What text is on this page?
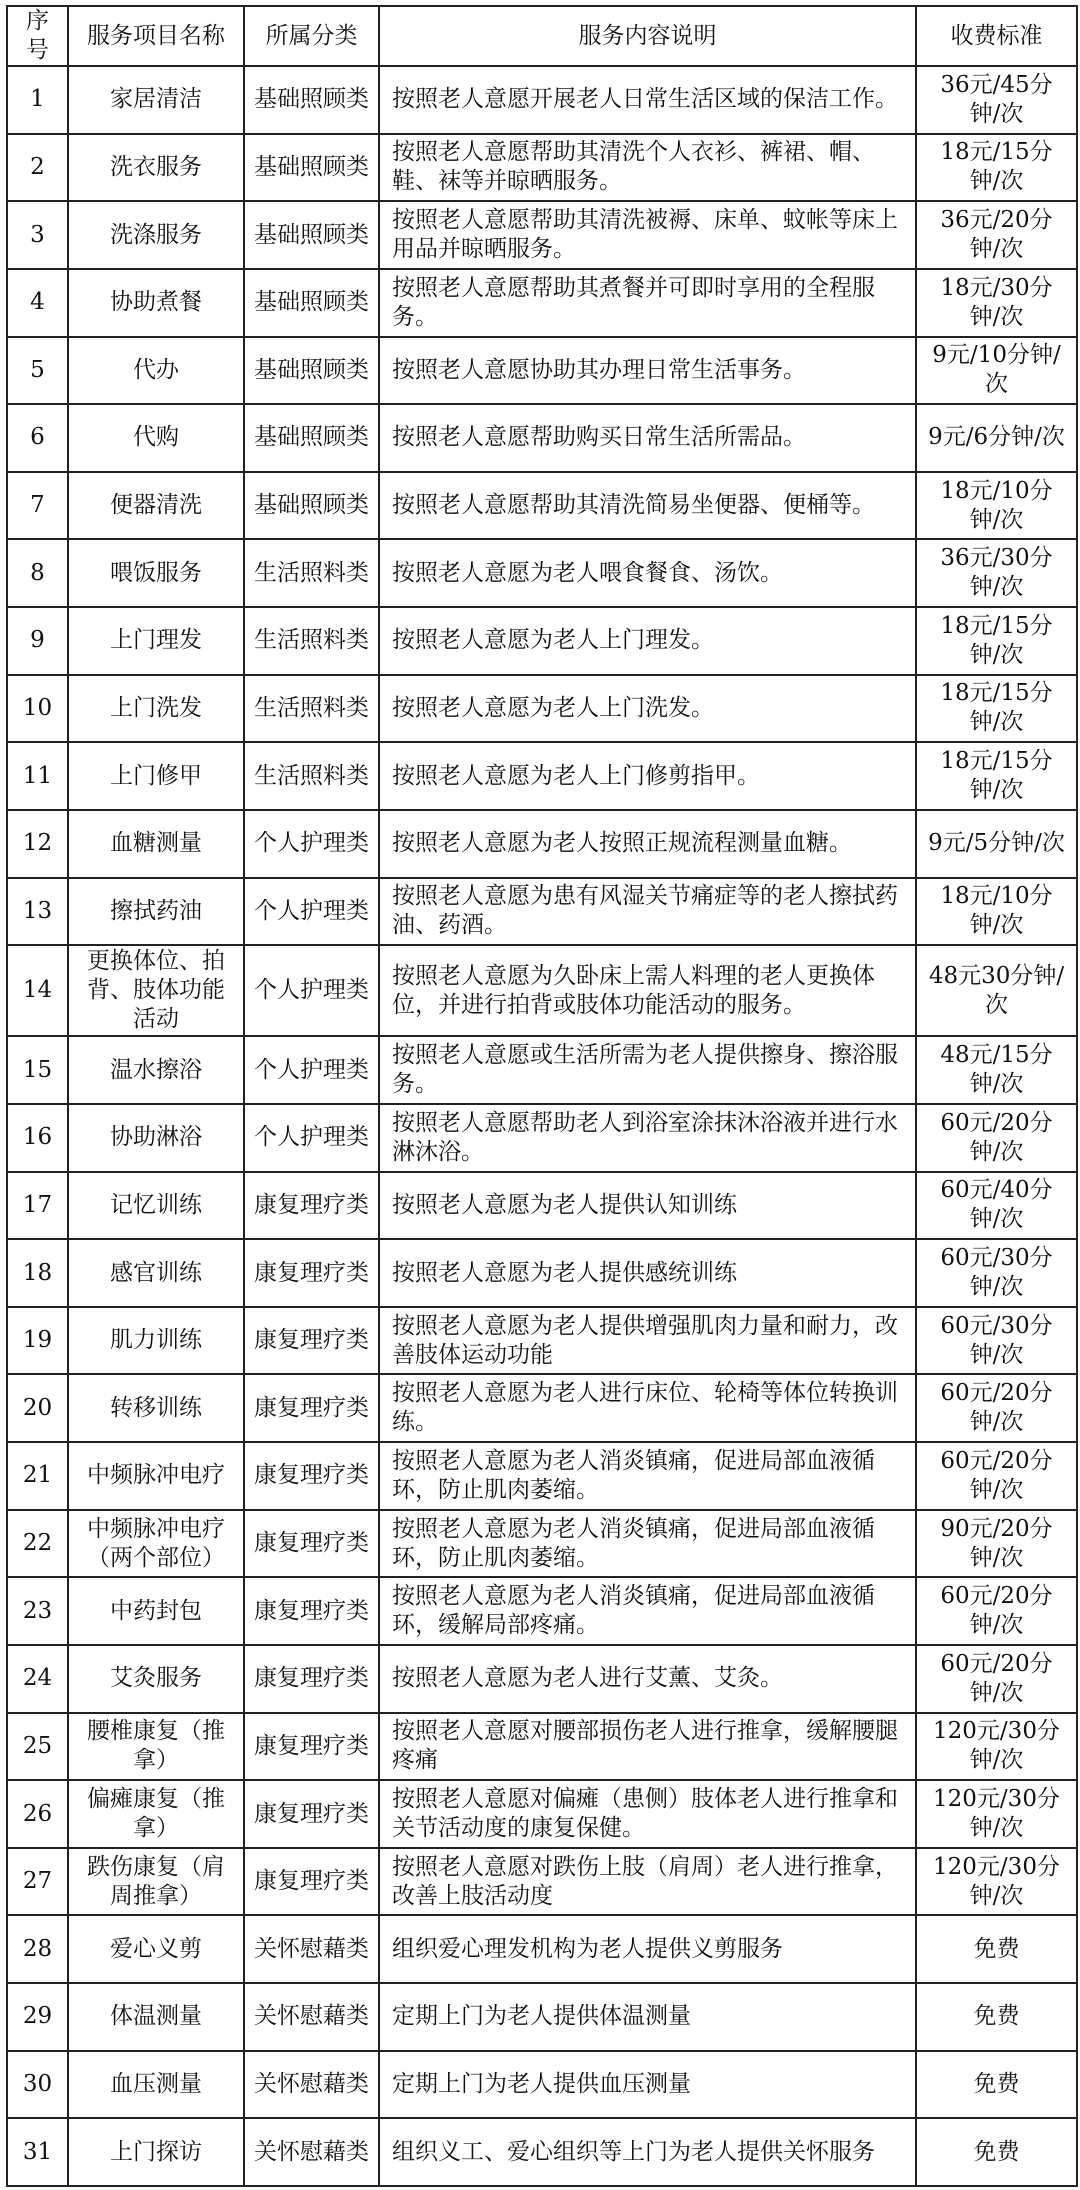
序号	服务项目名称	所属分类	服务内容说明	收费标准
1	家居清洁	基础照顾类	按照老人意愿开展老人日常生活区域的保洁工作。	36元/45分钟/次
2	洗衣服务	基础照顾类	按照老人意愿帮助其清洗个人衣衫、裤裙、帽、鞋、袜等并晾晒服务。	18元/15分钟/次
3	洗涤服务	基础照顾类	按照老人意愿帮助其清洗被褥、床单、蚊帐等床上用品并晾晒服务。	36元/20分钟/次
4	协助煮餐	基础照顾类	按照老人意愿帮助其煮餐并可即时享用的全程服务。	18元/30分钟/次
5	代办	基础照顾类	按照老人意愿协助其办理日常生活事务。	9元/10分钟/次
6	代购	基础照顾类	按照老人意愿帮助购买日常生活所需品。	9元/6分钟/次
7	便器清洗	基础照顾类	按照老人意愿帮助其清洗简易坐便器、便桶等。	18元/10分钟/次
8	喂饭服务	生活照料类	按照老人意愿为老人喂食餐食、汤饮。	36元/30分钟/次
9	上门理发	生活照料类	按照老人意愿为老人上门理发。	18元/15分钟/次
10	上门洗发	生活照料类	按照老人意愿为老人上门洗发。	18元/15分钟/次
11	上门修甲	生活照料类	按照老人意愿为老人上门修剪指甲。	18元/15分钟/次
12	血糖测量	个人护理类	按照老人意愿为老人按照正规流程测量血糖。	9元/5分钟/次
13	擦拭药油	个人护理类	按照老人意愿为患有风湿关节痛症等的老人擦拭药油、药酒。	18元/10分钟/次
14	更换体位、拍背、肢体功能活动	个人护理类	按照老人意愿为久卧床上需人料理的老人更换体位，并进行拍背或肢体功能活动的服务。	48元30分钟/次
15	温水擦浴	个人护理类	按照老人意愿或生活所需为老人提供擦身、擦浴服务。	48元/15分钟/次
16	协助淋浴	个人护理类	按照老人意愿帮助老人到浴室涂抹沐浴液并进行水淋沐浴。	60元/20分钟/次
17	记忆训练	康复理疗类	按照老人意愿为老人提供认知训练	60元/40分钟/次
18	感官训练	康复理疗类	按照老人意愿为老人提供感统训练	60元/30分钟/次
19	肌力训练	康复理疗类	按照老人意愿为老人提供增强肌肉力量和耐力，改善肢体运动功能	60元/30分钟/次
20	转移训练	康复理疗类	按照老人意愿为老人进行床位、轮椅等体位转换训练。	60元/20分钟/次
21	中频脉冲电疗	康复理疗类	按照老人意愿为老人消炎镇痛，促进局部血液循环，防止肌肉萎缩。	60元/20分钟/次
22	中频脉冲电疗（两个部位）	康复理疗类	按照老人意愿为老人消炎镇痛，促进局部血液循环，防止肌肉萎缩。	90元/20分钟/次
23	中药封包	康复理疗类	按照老人意愿为老人消炎镇痛，促进局部血液循环，缓解局部疼痛。	60元/20分钟/次
24	艾灸服务	康复理疗类	按照老人意愿为老人进行艾薰、艾灸。	60元/20分钟/次
25	腰椎康复（推拿）	康复理疗类	按照老人意愿对腰部损伤老人进行推拿，缓解腰腿疼痛	120元/30分钟/次
26	偏瘫康复（推拿）	康复理疗类	按照老人意愿对偏瘫（患侧）肢体老人进行推拿和关节活动度的康复保健。	120元/30分钟/次
27	跌伤康复（肩周推拿）	康复理疗类	按照老人意愿对跌伤上肢（肩周）老人进行推拿，改善上肢活动度	120元/30分钟/次
28	爱心义剪	关怀慰藉类	组织爱心理发机构为老人提供义剪服务	免费
29	体温测量	关怀慰藉类	定期上门为老人提供体温测量	免费
30	血压测量	关怀慰藉类	定期上门为老人提供血压测量	免费
31	上门探访	关怀慰藉类	组织义工、爱心组织等上门为老人提供关怀服务	免费
